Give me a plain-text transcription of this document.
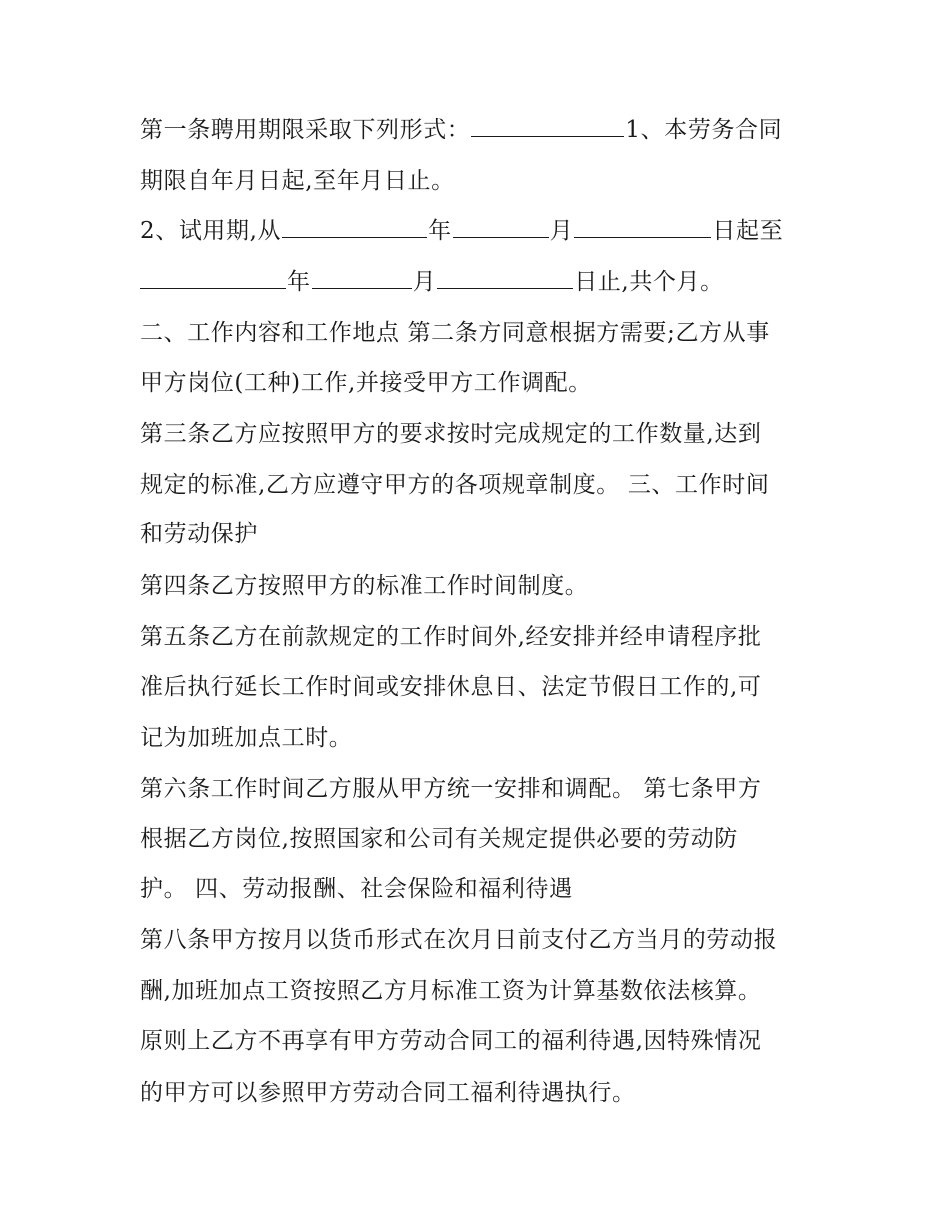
第一条聘用期限采取下列形式：	1、本劳务合同
期限自年月日起,至年月日止。
2、试用期,从	年	月	日起至
年	月	日止,共个月。
二、工作内容和工作地点 第二条方同意根据方需要;乙方从事
甲方岗位(工种)工作,并接受甲方工作调配。
第三条乙方应按照甲方的要求按时完成规定的工作数量,达到
规定的标准,乙方应遵守甲方的各项规章制度。 三、工作时间
和劳动保护
第四条乙方按照甲方的标准工作时间制度。
第五条乙方在前款规定的工作时间外,经安排并经申请程序批
准后执行延长工作时间或安排休息日、法定节假日工作的,可
记为加班加点工时。
第六条工作时间乙方服从甲方统一安排和调配。 第七条甲方
根据乙方岗位,按照国家和公司有关规定提供必要的劳动防
护。 四、劳动报酬、社会保险和福利待遇
第八条甲方按月以货币形式在次月日前支付乙方当月的劳动报
酬,加班加点工资按照乙方月标准工资为计算基数依法核算。
原则上乙方不再享有甲方劳动合同工的福利待遇,因特殊情况
的甲方可以参照甲方劳动合同工福利待遇执行。
